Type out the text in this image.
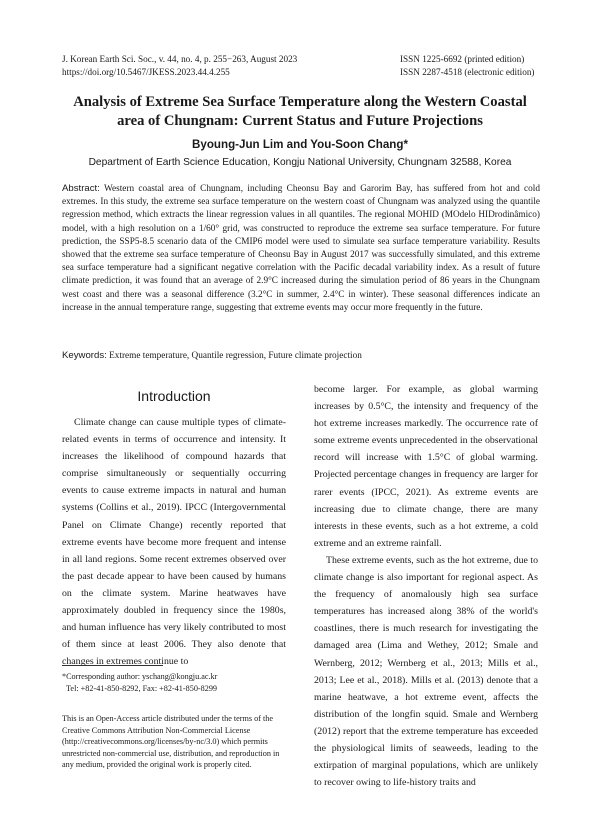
J. Korean Earth Sci. Soc., v. 44, no. 4, p. 255−263, August 2023
https://doi.org/10.5467/JKESS.2023.44.4.255
ISSN 1225-6692 (printed edition)
ISSN 2287-4518 (electronic edition)
Analysis of Extreme Sea Surface Temperature along the Western Coastal
area of Chungnam: Current Status and Future Projections
Byoung-Jun Lim and You-Soon Chang*
Department of Earth Science Education, Kongju National University, Chungnam 32588, Korea
Abstract: Western coastal area of Chungnam, including Cheonsu Bay and Garorim Bay, has suffered from hot and cold extremes. In this study, the extreme sea surface temperature on the western coast of Chungnam was analyzed using the quantile regression method, which extracts the linear regression values in all quantiles. The regional MOHID (MOdelo HIDrodinâmico) model, with a high resolution on a 1/60° grid, was constructed to reproduce the extreme sea surface temperature. For future prediction, the SSP5-8.5 scenario data of the CMIP6 model were used to simulate sea surface temperature variability. Results showed that the extreme sea surface temperature of Cheonsu Bay in August 2017 was successfully simulated, and this extreme sea surface temperature had a significant negative correlation with the Pacific decadal variability index. As a result of future climate prediction, it was found that an average of 2.9°C increased during the simulation period of 86 years in the Chungnam west coast and there was a seasonal difference (3.2°C in summer, 2.4°C in winter). These seasonal differences indicate an increase in the annual temperature range, suggesting that extreme events may occur more frequently in the future.
Keywords: Extreme temperature, Quantile regression, Future climate projection
Introduction

Climate change can cause multiple types of climate-related events in terms of occurrence and intensity. It increases the likelihood of compound hazards that comprise simultaneously or sequentially occurring events to cause extreme impacts in natural and human systems (Collins et al., 2019). IPCC (Intergovernmental Panel on Climate Change) recently reported that extreme events have become more frequent and intense in all land regions. Some recent extremes observed over the past decade appear to have been caused by humans on the climate system. Marine heatwaves have approximately doubled in frequency since the 1980s, and human influence has very likely contributed to most of them since at least 2006. They also denote that changes in extremes continue to

become larger. For example, as global warming increases by 0.5°C, the intensity and frequency of the hot extreme increases markedly. The occurrence rate of some extreme events unprecedented in the observational record will increase with 1.5°C of global warming. Projected percentage changes in frequency are larger for rarer events (IPCC, 2021). As extreme events are increasing due to climate change, there are many interests in these events, such as a hot extreme, a cold extreme and an extreme rainfall.

These extreme events, such as the hot extreme, due to climate change is also important for regional aspect. As the frequency of anomalously high sea surface temperatures has increased along 38% of the world's coastlines, there is much research for investigating the damaged area (Lima and Wethey, 2012; Smale and Wernberg, 2012; Wernberg et al., 2013; Mills et al., 2013; Lee et al., 2018). Mills et al. (2013) denote that a marine heatwave, a hot extreme event, affects the distribution of the longfin squid. Smale and Wernberg (2012) report that the extreme temperature has exceeded the physiological limits of seaweeds, leading to the extirpation of marginal populations, which are unlikely to recover owing to life-history traits and

*Corresponding author: yschang@kongju.ac.kr
Tel: +82-41-850-8292, Fax: +82-41-850-8299
This is an Open-Access article distributed under the terms of the Creative Commons Attribution Non-Commercial License (http://creativecommons.org/licenses/by-nc/3.0) which permits unrestricted non-commercial use, distribution, and reproduction in any medium, provided the original work is properly cited.
